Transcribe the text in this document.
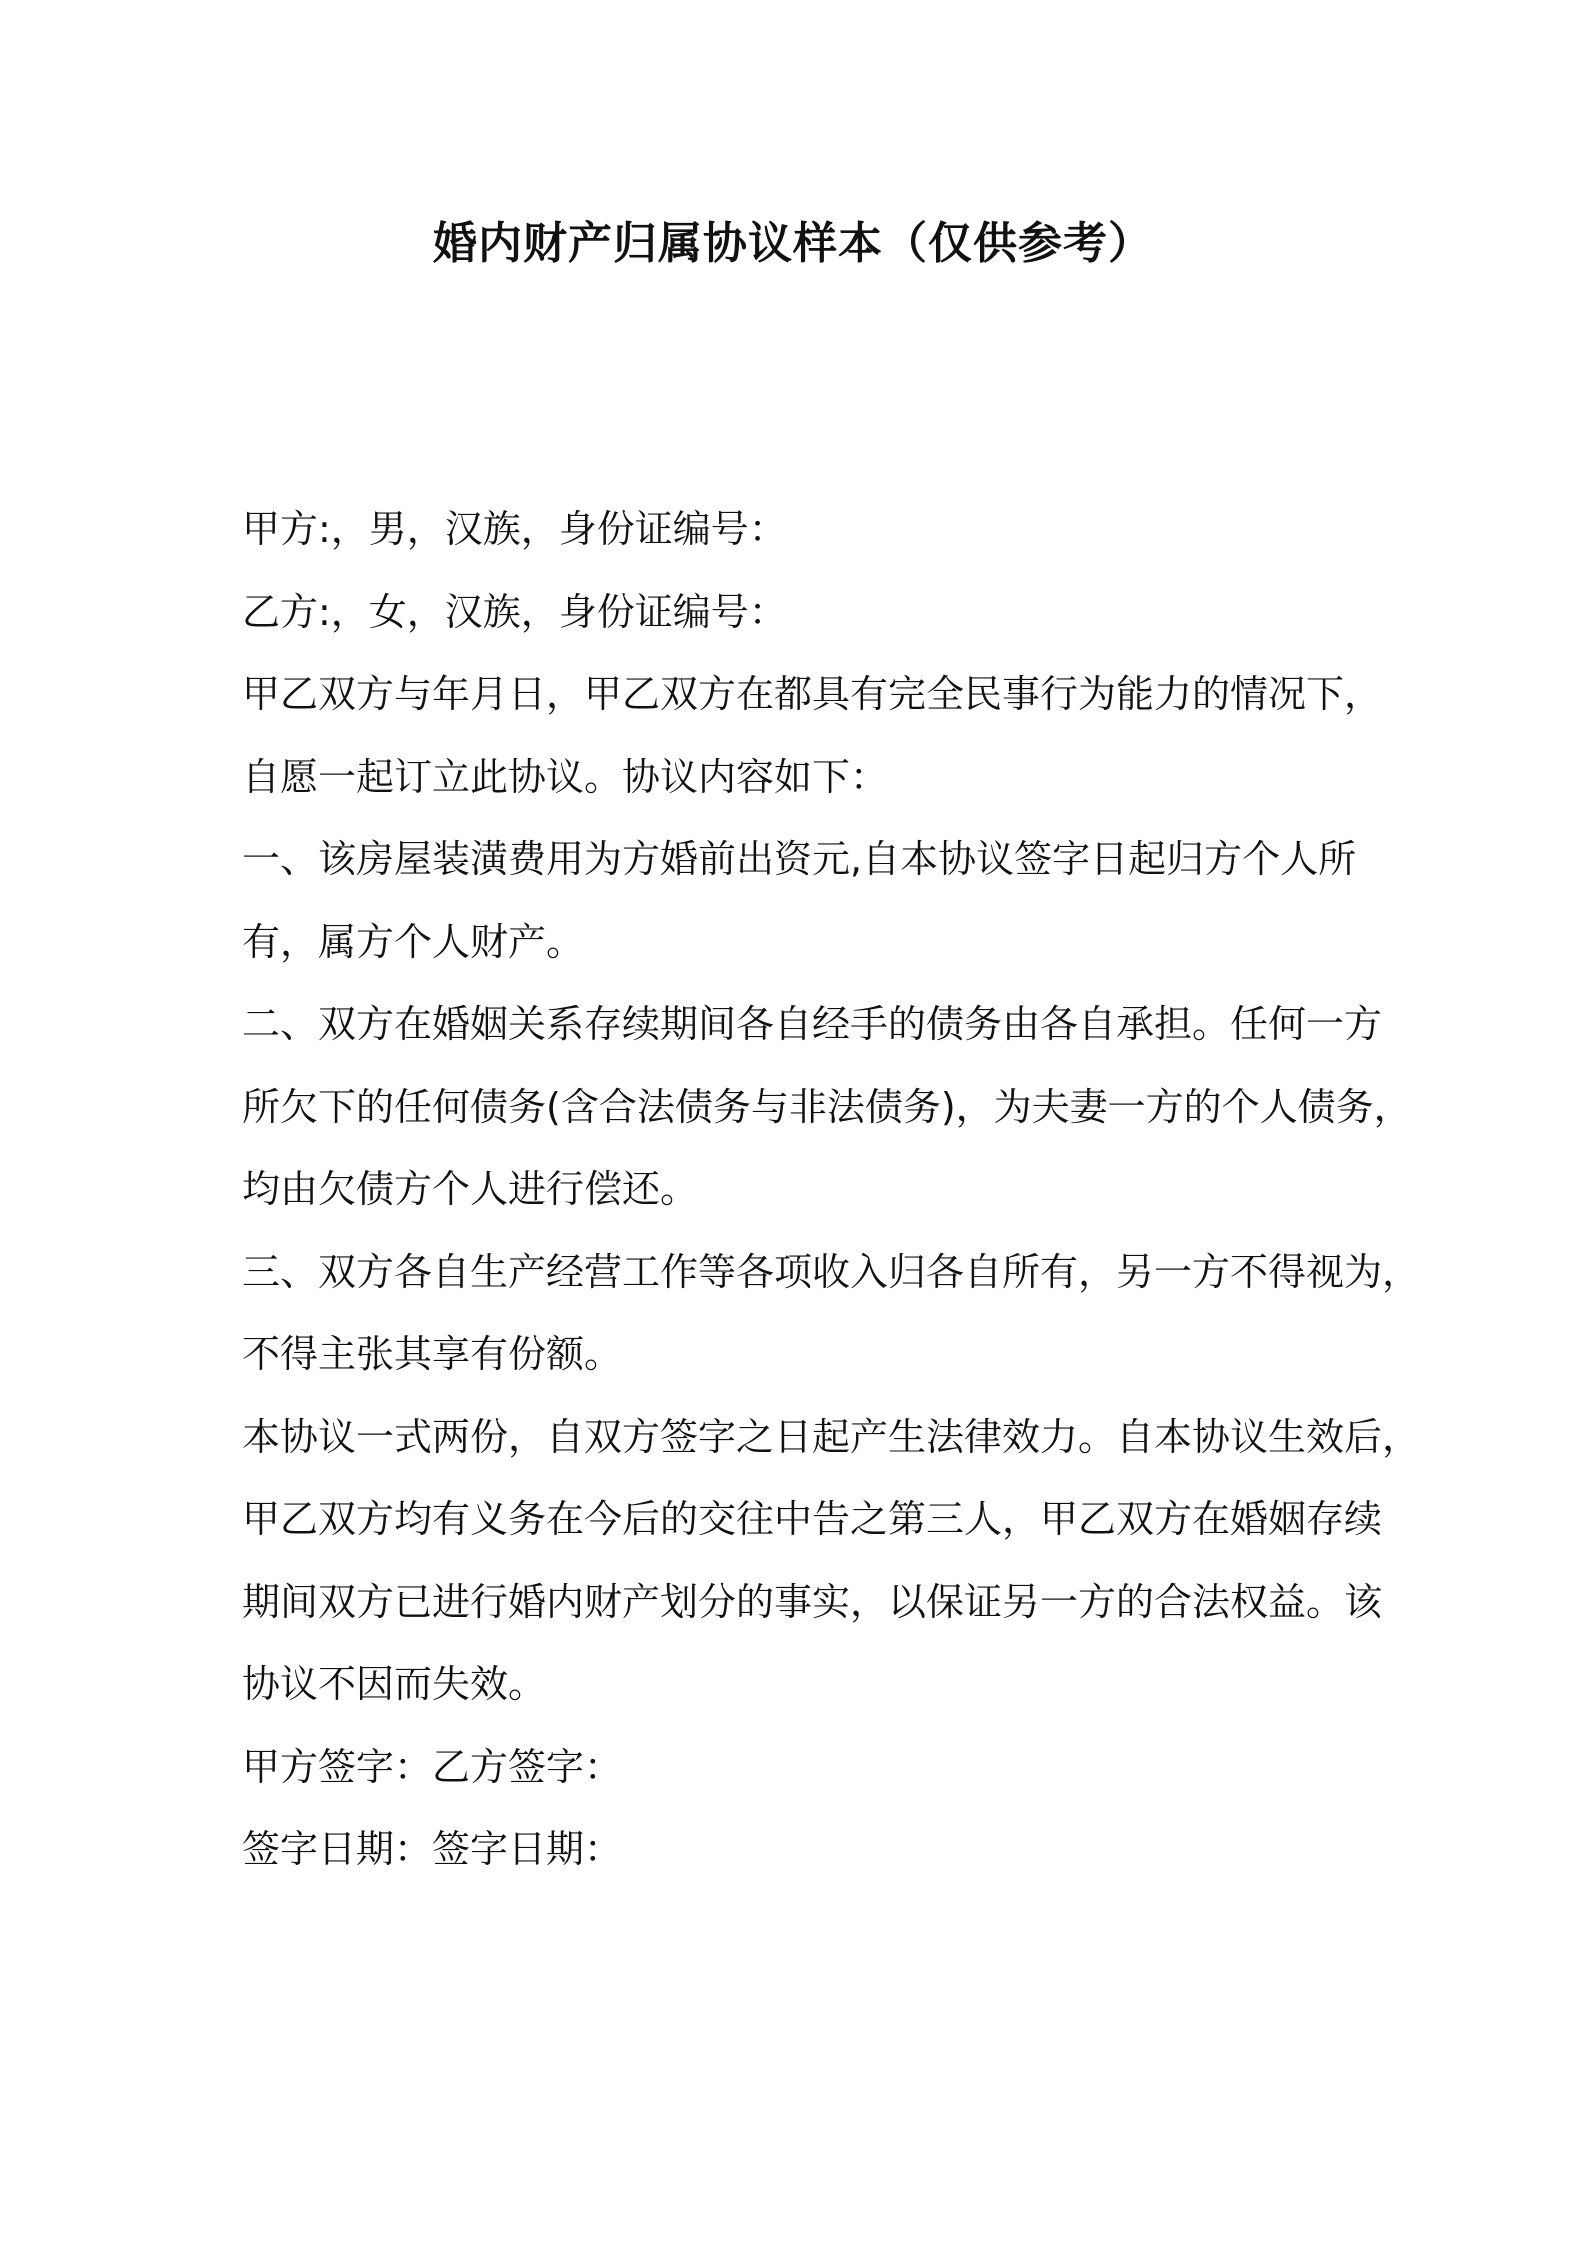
婚内财产归属协议样本（仅供参考）

甲方:，男，汉族，身份证编号：

乙方:，女，汉族，身份证编号：

甲乙双方与年月日，甲乙双方在都具有完全民事行为能力的情况下，

自愿一起订立此协议。协议内容如下：

一、该房屋装潢费用为方婚前出资元,自本协议签字日起归方个人所

有，属方个人财产。

二、双方在婚姻关系存续期间各自经手的债务由各自承担。任何一方

所欠下的任何债务(含合法债务与非法债务)，为夫妻一方的个人债务，

均由欠债方个人进行偿还。

三、双方各自生产经营工作等各项收入归各自所有，另一方不得视为，

不得主张其享有份额。

本协议一式两份，自双方签字之日起产生法律效力。自本协议生效后，

甲乙双方均有义务在今后的交往中告之第三人，甲乙双方在婚姻存续

期间双方已进行婚内财产划分的事实，以保证另一方的合法权益。该

协议不因而失效。

甲方签字：乙方签字：

签字日期：签字日期：
